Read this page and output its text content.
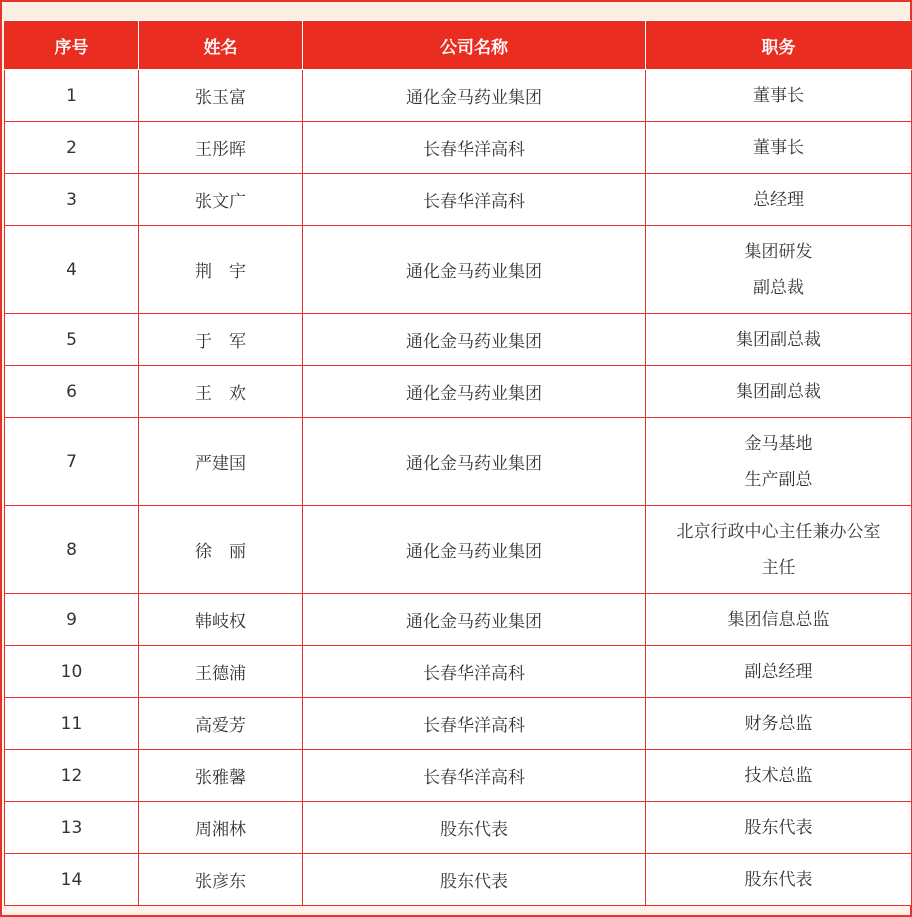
序号	姓名	公司名称	职务
1	张玉富	通化金马药业集团	董事长

2	王彤晖	长春华洋高科	董事长

3	张文广	长春华洋高科	总经理

4	荆　宇	通化金马药业集团	集团研发
副总裁

5	于　军	通化金马药业集团	集团副总裁

6	王　欢	通化金马药业集团	集团副总裁

7	严建国	通化金马药业集团	金马基地
生产副总

8	徐　丽	通化金马药业集团	北京行政中心主任兼办公室
主任

9	韩岐权	通化金马药业集团	集团信息总监

10	王德浦	长春华洋高科	副总经理

11	高爱芳	长春华洋高科	财务总监

12	张雅馨	长春华洋高科	技术总监

13	周湘林	股东代表	股东代表

14	张彦东	股东代表	股东代表
